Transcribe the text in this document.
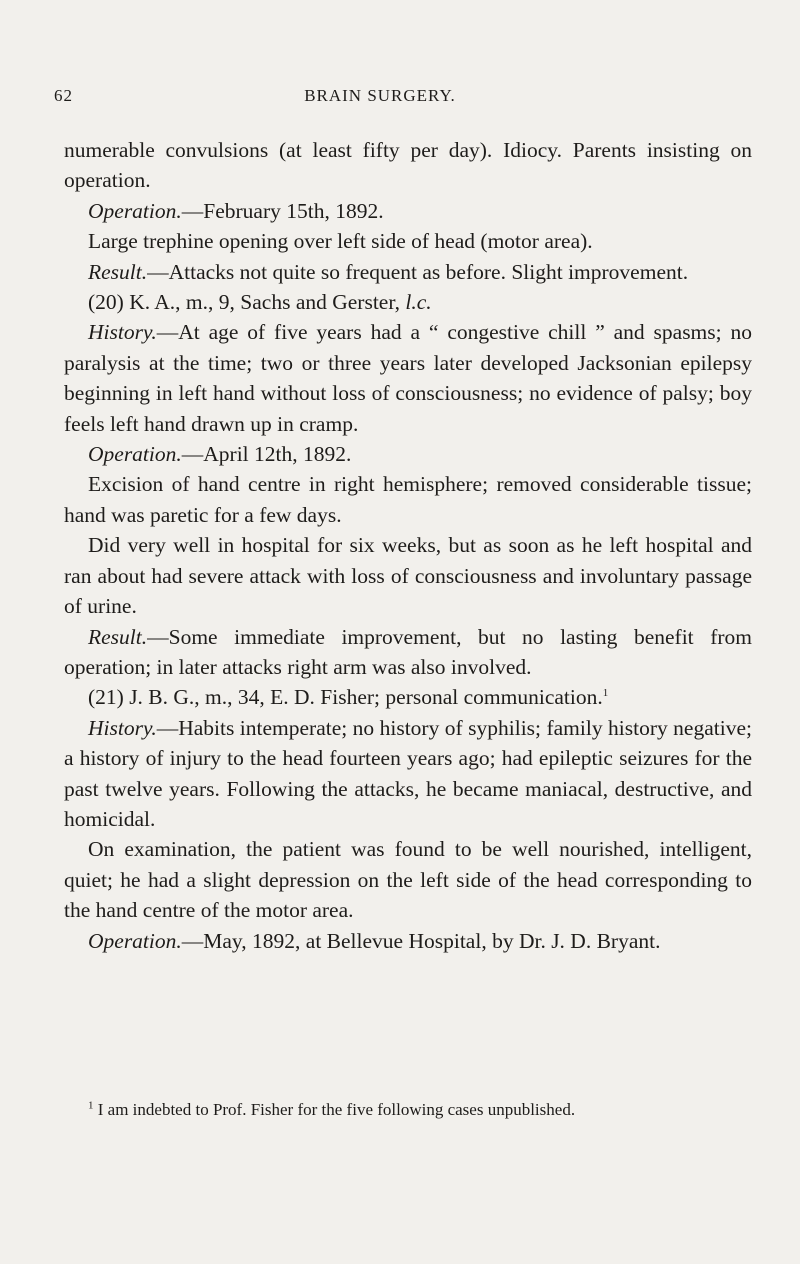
62	BRAIN SURGERY.

numerable convulsions (at least fifty per day). Idiocy. Parents insisting on operation.

Operation.—February 15th, 1892.

Large trephine opening over left side of head (motor area).

Result.—Attacks not quite so frequent as before. Slight improvement.

(20) K. A., m., 9, Sachs and Gerster, l.c.

History.—At age of five years had a “ congestive chill ” and spasms; no paralysis at the time; two or three years later developed Jacksonian epilepsy beginning in left hand without loss of consciousness; no evidence of palsy; boy feels left hand drawn up in cramp.

Operation.—April 12th, 1892.

Excision of hand centre in right hemisphere; removed considerable tissue; hand was paretic for a few days.

Did very well in hospital for six weeks, but as soon as he left hospital and ran about had severe attack with loss of consciousness and involuntary passage of urine.

Result.—Some immediate improvement, but no lasting benefit from operation; in later attacks right arm was also involved.

(21) J. B. G., m., 34, E. D. Fisher; personal communication.$^1$

History.—Habits intemperate; no history of syphilis; family history negative; a history of injury to the head fourteen years ago; had epileptic seizures for the past twelve years. Following the attacks, he became maniacal, destructive, and homicidal.

On examination, the patient was found to be well nourished, intelligent, quiet; he had a slight depression on the left side of the head corresponding to the hand centre of the motor area.

Operation.—May, 1892, at Bellevue Hospital, by Dr. J. D. Bryant.

$^1$ I am indebted to Prof. Fisher for the five following cases unpublished.
